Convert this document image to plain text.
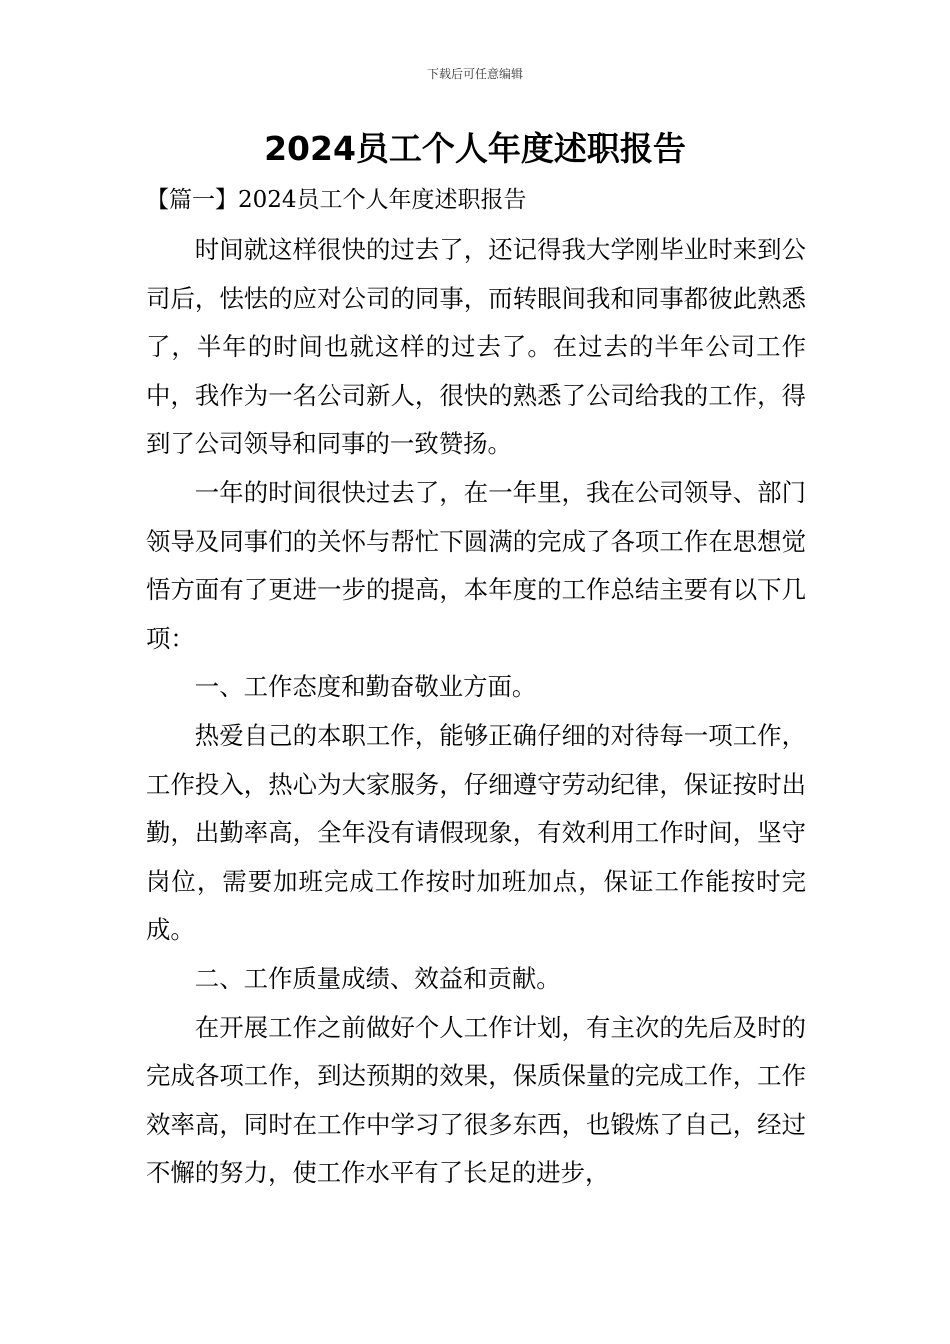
下载后可任意编辑
2024员工个人年度述职报告
【篇一】2024员工个人年度述职报告

时间就这样很快的过去了，还记得我大学刚毕业时来到公司后，怯怯的应对公司的同事，而转眼间我和同事都彼此熟悉了，半年的时间也就这样的过去了。在过去的半年公司工作中，我作为一名公司新人，很快的熟悉了公司给我的工作，得到了公司领导和同事的一致赞扬。

一年的时间很快过去了，在一年里，我在公司领导、部门领导及同事们的关怀与帮忙下圆满的完成了各项工作在思想觉悟方面有了更进一步的提高，本年度的工作总结主要有以下几项：

一、工作态度和勤奋敬业方面。

热爱自己的本职工作，能够正确仔细的对待每一项工作，工作投入，热心为大家服务，仔细遵守劳动纪律，保证按时出勤，出勤率高，全年没有请假现象，有效利用工作时间，坚守岗位，需要加班完成工作按时加班加点，保证工作能按时完成。

二、工作质量成绩、效益和贡献。

在开展工作之前做好个人工作计划，有主次的先后及时的完成各项工作，到达预期的效果，保质保量的完成工作，工作效率高，同时在工作中学习了很多东西，也锻炼了自己，经过不懈的努力，使工作水平有了长足的进步，
